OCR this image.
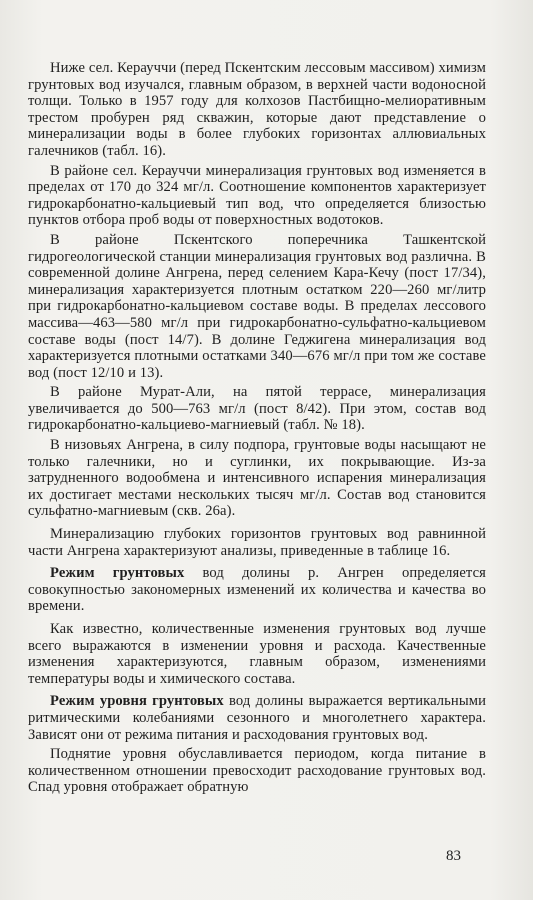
Ниже сел. Керауччи (перед Пскентским лессовым массивом) химизм грунтовых вод изучался, главным образом, в верхней части водоносной толщи. Только в 1957 году для колхозов Пастбищно-мелиоративным трестом пробурен ряд скважин, которые дают представление о минерализации воды в более глубоких горизонтах аллювиальных галечников (табл. 16).

В районе сел. Керауччи минерализация грунтовых вод изменяется в пределах от 170 до 324 мг/л. Соотношение компонентов характеризует гидрокарбонатно-кальциевый тип вод, что определяется близостью пунктов отбора проб воды от поверхностных водотоков.

В районе Пскентского поперечника Ташкентской гидрогеологической станции минерализация грунтовых вод различна. В современной долине Ангрена, перед селением Кара-Кечу (пост 17/34), минерализация характеризуется плотным остатком 220—260 мг/литр при гидрокарбонатно-кальциевом составе воды. В пределах лессового массива—463—580 мг/л при гидрокарбонатно-сульфатно-кальциевом составе воды (пост 14/7). В долине Геджигена минерализация вод характеризуется плотными остатками 340—676 мг/л при том же составе вод (пост 12/10 и 13).

В районе Мурат-Али, на пятой террасе, минерализация увеличивается до 500—763 мг/л (пост 8/42). При этом, состав вод гидрокарбонатно-кальциево-магниевый (табл. № 18).

В низовьях Ангрена, в силу подпора, грунтовые воды насыщают не только галечники, но и суглинки, их покрывающие. Из-за затрудненного водообмена и интенсивного испарения минерализация их достигает местами нескольких тысяч мг/л. Состав вод становится сульфатно-магниевым (скв. 26а).

Минерализацию глубоких горизонтов грунтовых вод равнинной части Ангрена характеризуют анализы, приведенные в таблице 16.

Режим грунтовых вод долины р. Ангрен определяется совокупностью закономерных изменений их количества и качества во времени.

Как известно, количественные изменения грунтовых вод лучше всего выражаются в изменении уровня и расхода. Качественные изменения характеризуются, главным образом, изменениями температуры воды и химического состава.

Режим уровня грунтовых вод долины выражается вертикальными ритмическими колебаниями сезонного и многолетнего характера. Зависят они от режима питания и расходования грунтовых вод.

Поднятие уровня обуславливается периодом, когда питание в количественном отношении превосходит расходование грунтовых вод. Спад уровня отображает обратную

83
